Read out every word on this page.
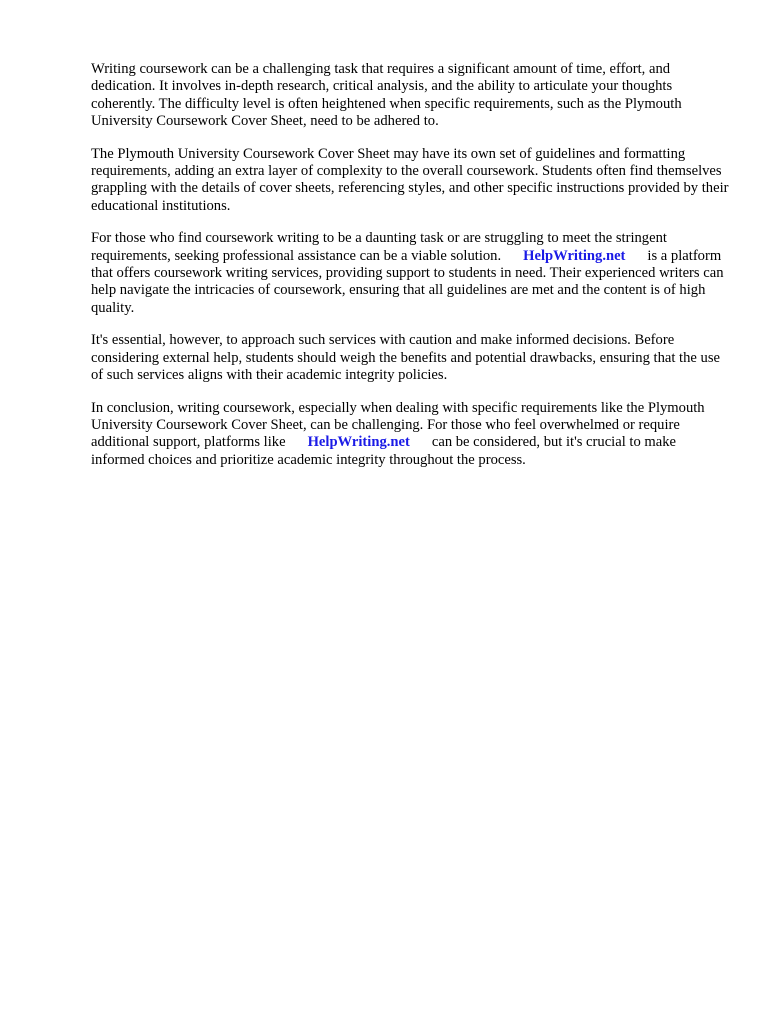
Writing coursework can be a challenging task that requires a significant amount of time, effort, and dedication. It involves in-depth research, critical analysis, and the ability to articulate your thoughts coherently. The difficulty level is often heightened when specific requirements, such as the Plymouth University Coursework Cover Sheet, need to be adhered to.

The Plymouth University Coursework Cover Sheet may have its own set of guidelines and formatting requirements, adding an extra layer of complexity to the overall coursework. Students often find themselves grappling with the details of cover sheets, referencing styles, and other specific instructions provided by their educational institutions.

For those who find coursework writing to be a daunting task or are struggling to meet the stringent requirements, seeking professional assistance can be a viable solution. HelpWriting.net is a platform that offers coursework writing services, providing support to students in need. Their experienced writers can help navigate the intricacies of coursework, ensuring that all guidelines are met and the content is of high quality.

It's essential, however, to approach such services with caution and make informed decisions. Before considering external help, students should weigh the benefits and potential drawbacks, ensuring that the use of such services aligns with their academic integrity policies.

In conclusion, writing coursework, especially when dealing with specific requirements like the Plymouth University Coursework Cover Sheet, can be challenging. For those who feel overwhelmed or require additional support, platforms like HelpWriting.net can be considered, but it's crucial to make informed choices and prioritize academic integrity throughout the process.
